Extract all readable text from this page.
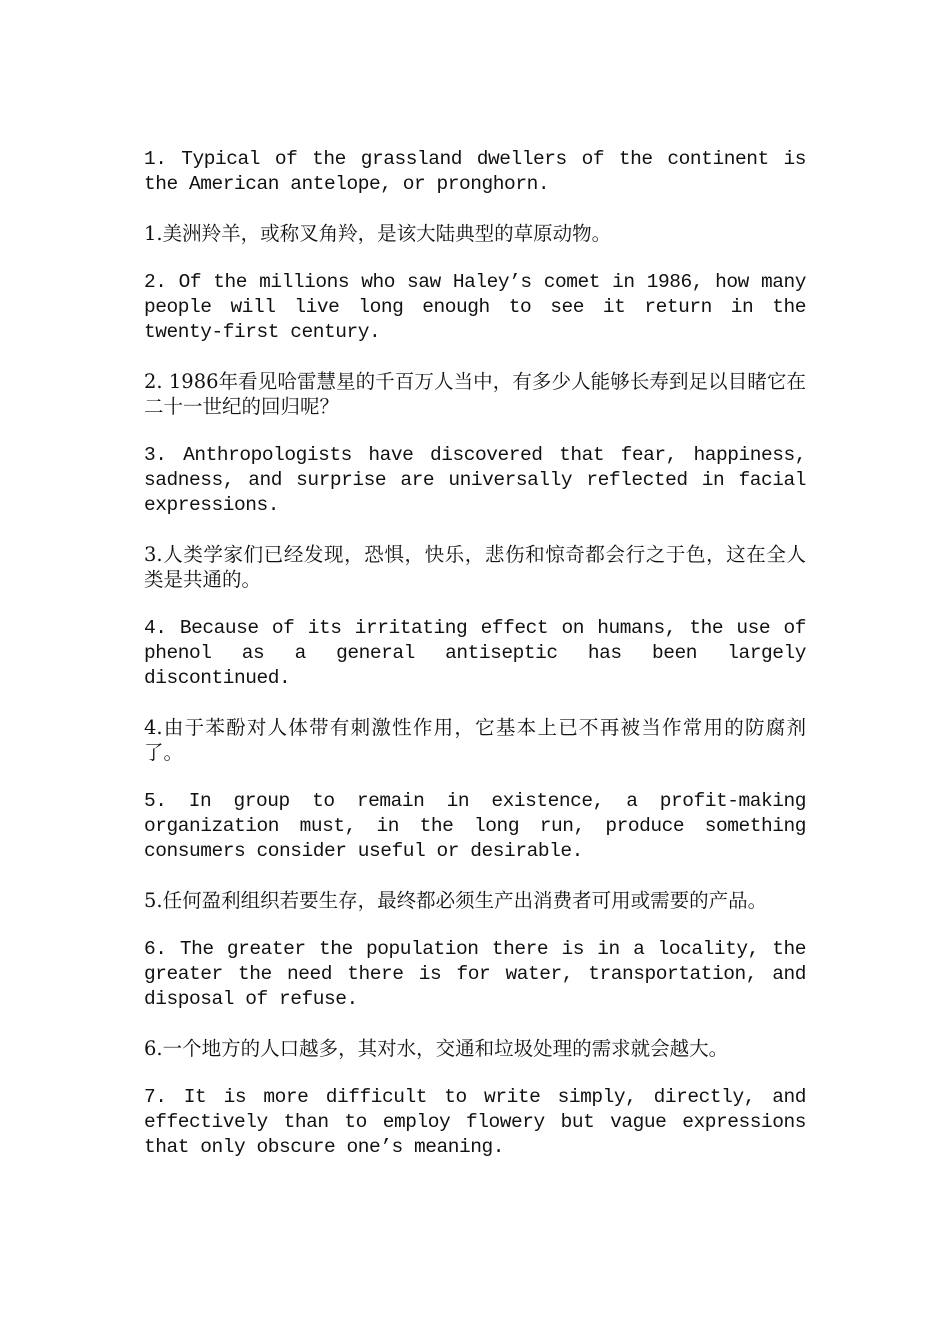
1. Typical of the grassland dwellers of the continent is the American antelope, or pronghorn.

1.美洲羚羊，或称叉角羚，是该大陆典型的草原动物。

2. Of the millions who saw Haley’s comet in 1986, how many people will live long enough to see it return in the twenty-first century.

2. 1986年看见哈雷慧星的千百万人当中，有多少人能够长寿到足以目睹它在二十一世纪的回归呢？

3. Anthropologists have discovered that fear, happiness, sadness, and surprise are universally reflected in facial expressions.

3.人类学家们已经发现，恐惧，快乐，悲伤和惊奇都会行之于色，这在全人类是共通的。

4. Because of its irritating effect on humans, the use of phenol as a general antiseptic has been largely discontinued.

4.由于苯酚对人体带有刺激性作用，它基本上已不再被当作常用的防腐剂了。

5. In group to remain in existence, a profit-making organization must, in the long run, produce something consumers consider useful or desirable.

5.任何盈利组织若要生存，最终都必须生产出消费者可用或需要的产品。

6. The greater the population there is in a locality, the greater the need there is for water, transportation, and disposal of refuse.

6.一个地方的人口越多，其对水，交通和垃圾处理的需求就会越大。

7. It is more difficult to write simply, directly, and effectively than to employ flowery but vague expressions that only obscure one’s meaning.
